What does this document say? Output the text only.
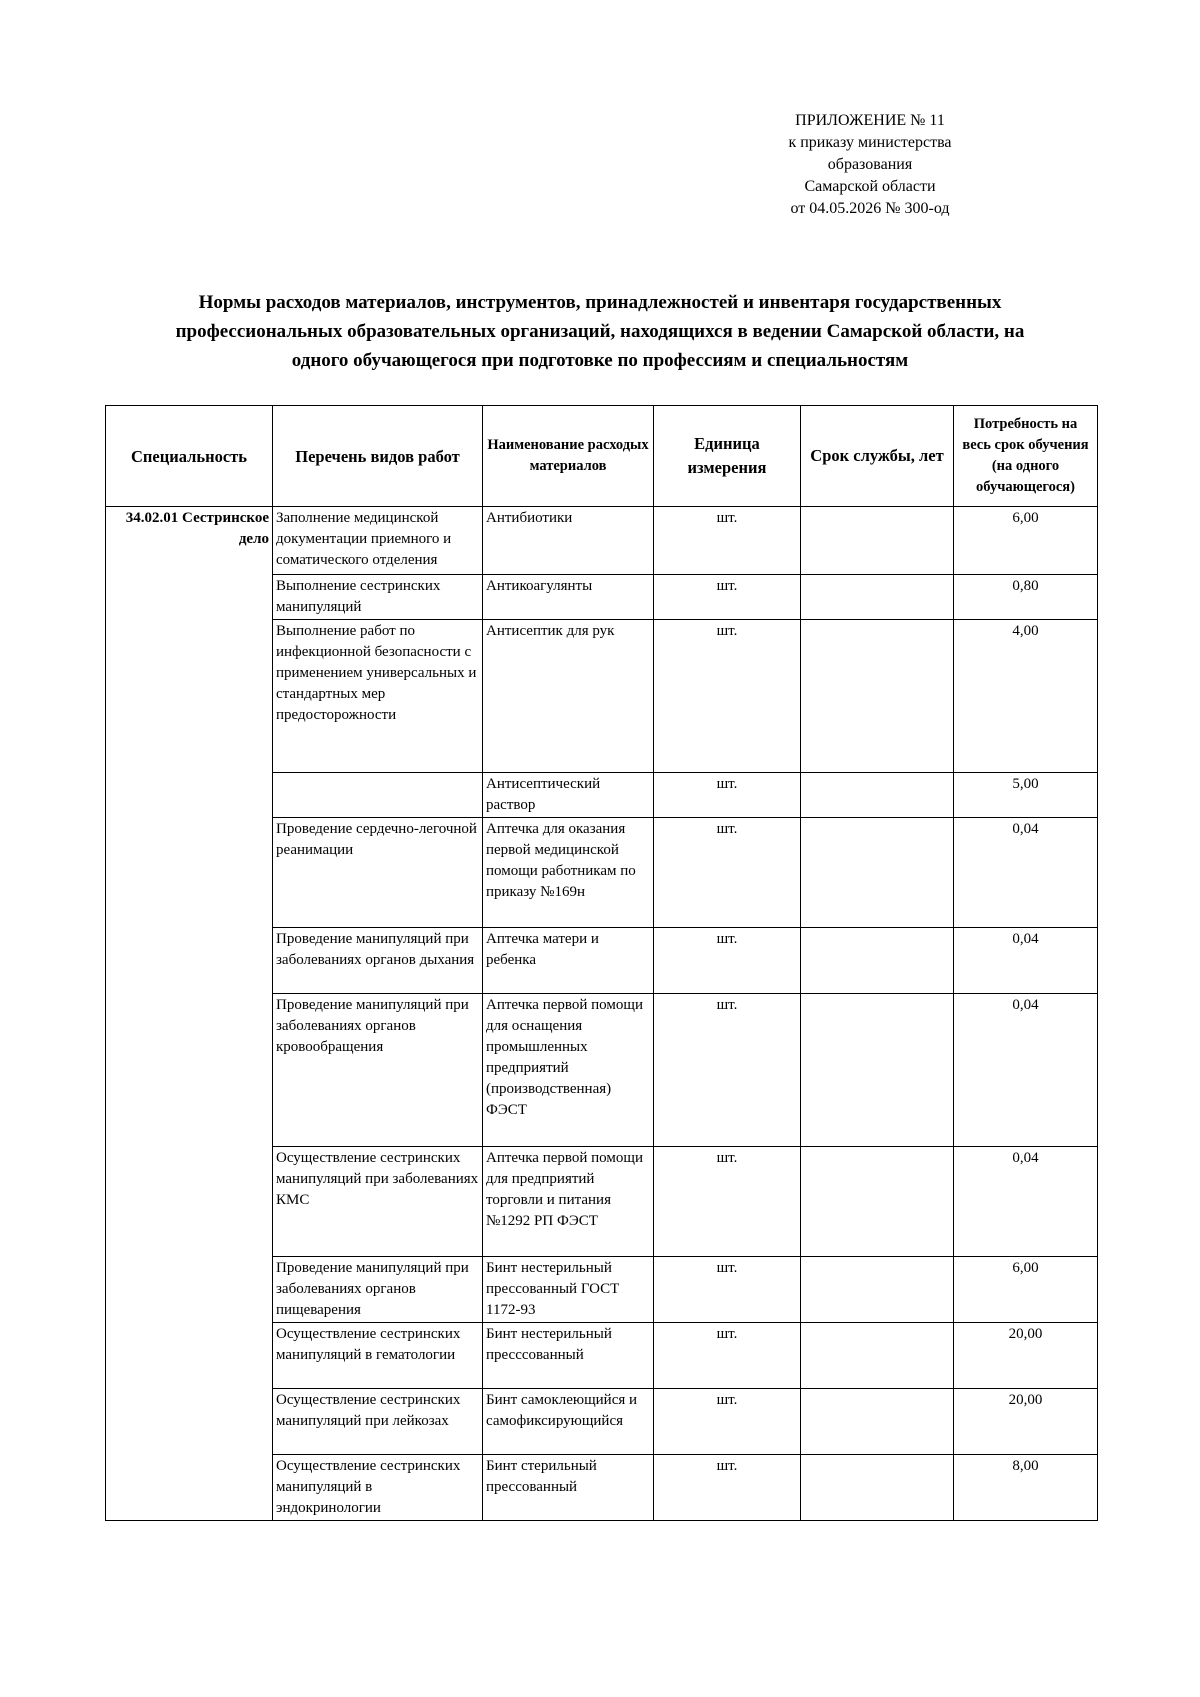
ПРИЛОЖЕНИЕ № 11
к приказу министерства
образования
Самарской области
от 04.05.2026 № 300-од
Нормы расходов материалов, инструментов, принадлежностей и инвентаря государственных
профессиональных образовательных организаций, находящихся в ведении Самарской области, на
одного обучающегося при подготовке по профессиям и специальностям
Специальность	Перечень видов работ	Наименование расходых материалов	Единица измерения	Срок службы, лет	Потребность на весь срок обучения (на одного обучающегося)
34.02.01 Сестринское дело	Заполнение медицинской документации приемного и соматического отделения	Антибиотики	шт.		6,00
	Выполнение сестринских манипуляций	Антикоагулянты	шт.		0,80
	Выполнение работ по инфекционной безопасности с применением универсальных и стандартных мер предосторожности	Антисептик для рук	шт.		4,00
		Антисептический раствор	шт.		5,00
	Проведение сердечно-легочной реанимации	Аптечка для оказания первой медицинской помощи работникам по приказу №169н	шт.		0,04
	Проведение манипуляций при заболеваниях органов дыхания	Аптечка матери и ребенка	шт.		0,04
	Проведение манипуляций при заболеваниях органов кровообращения	Аптечка первой помощи для оснащения промышленных предприятий (производственная) ФЭСТ	шт.		0,04
	Осуществление сестринских манипуляций при заболеваниях КМС	Аптечка первой помощи для предприятий торговли и питания №1292 РП ФЭСТ	шт.		0,04
	Проведение манипуляций при заболеваниях органов пищеварения	Бинт нестерильный прессованный ГОСТ 1172-93	шт.		6,00
	Осуществление сестринских манипуляций в гематологии	Бинт нестерильный пресссованный	шт.		20,00
	Осуществление сестринских манипуляций при лейкозах	Бинт самоклеющийся и самофиксирующийся	шт.		20,00
	Осуществление сестринских манипуляций в эндокринологии	Бинт стерильный прессованный	шт.		8,00
